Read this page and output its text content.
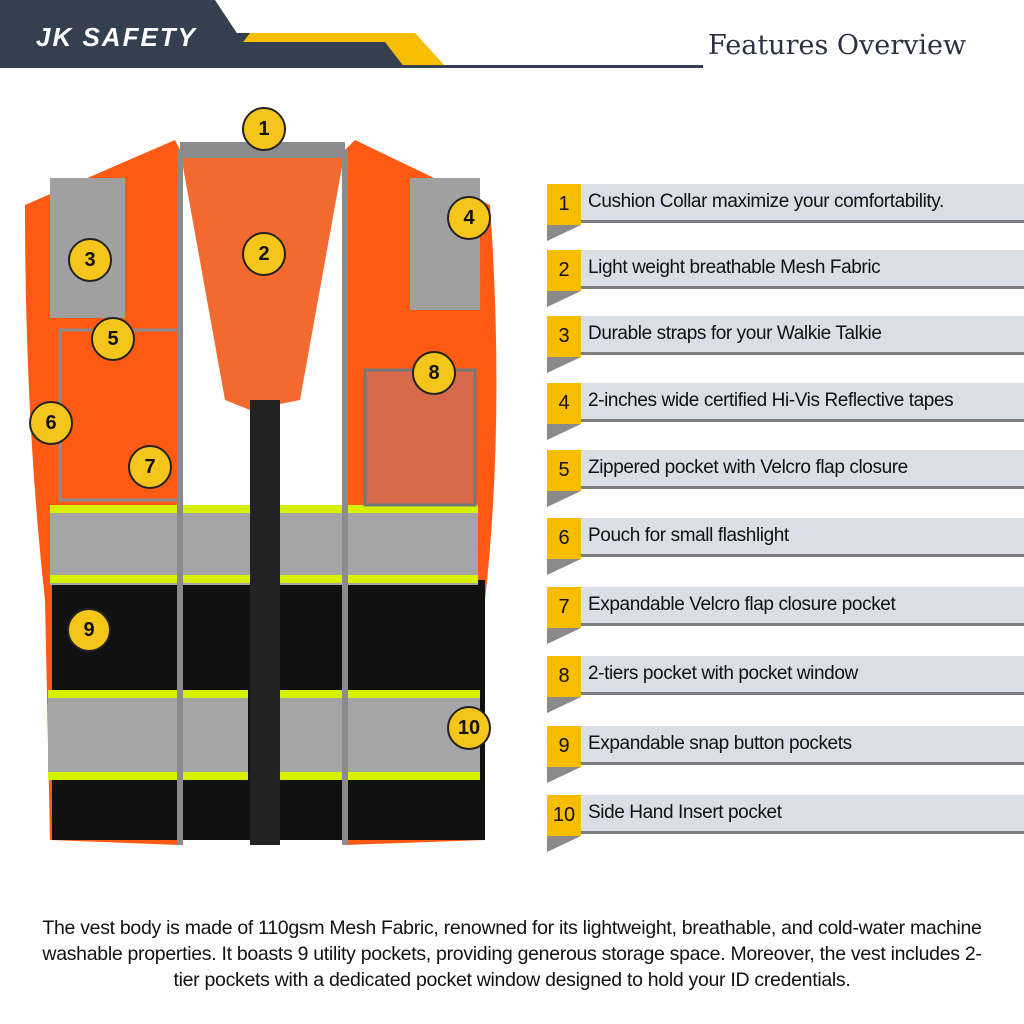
JK SAFETY	Features Overview
1
2
3
4
5
6
7
8
9
10
1 Cushion Collar maximize your comfortability.
2 Light weight breathable Mesh Fabric
3 Durable straps for your Walkie Talkie
4 2-inches wide certified Hi-Vis Reflective tapes
5 Zippered pocket with Velcro flap closure
6 Pouch for small flashlight
7 Expandable Velcro flap closure pocket
8 2-tiers pocket with pocket window
9 Expandable snap button pockets
10 Side Hand Insert pocket
The vest body is made of 110gsm Mesh Fabric, renowned for its lightweight, breathable, and cold-water machine washable properties. It boasts 9 utility pockets, providing generous storage space. Moreover, the vest includes 2-tier pockets with a dedicated pocket window designed to hold your ID credentials.
